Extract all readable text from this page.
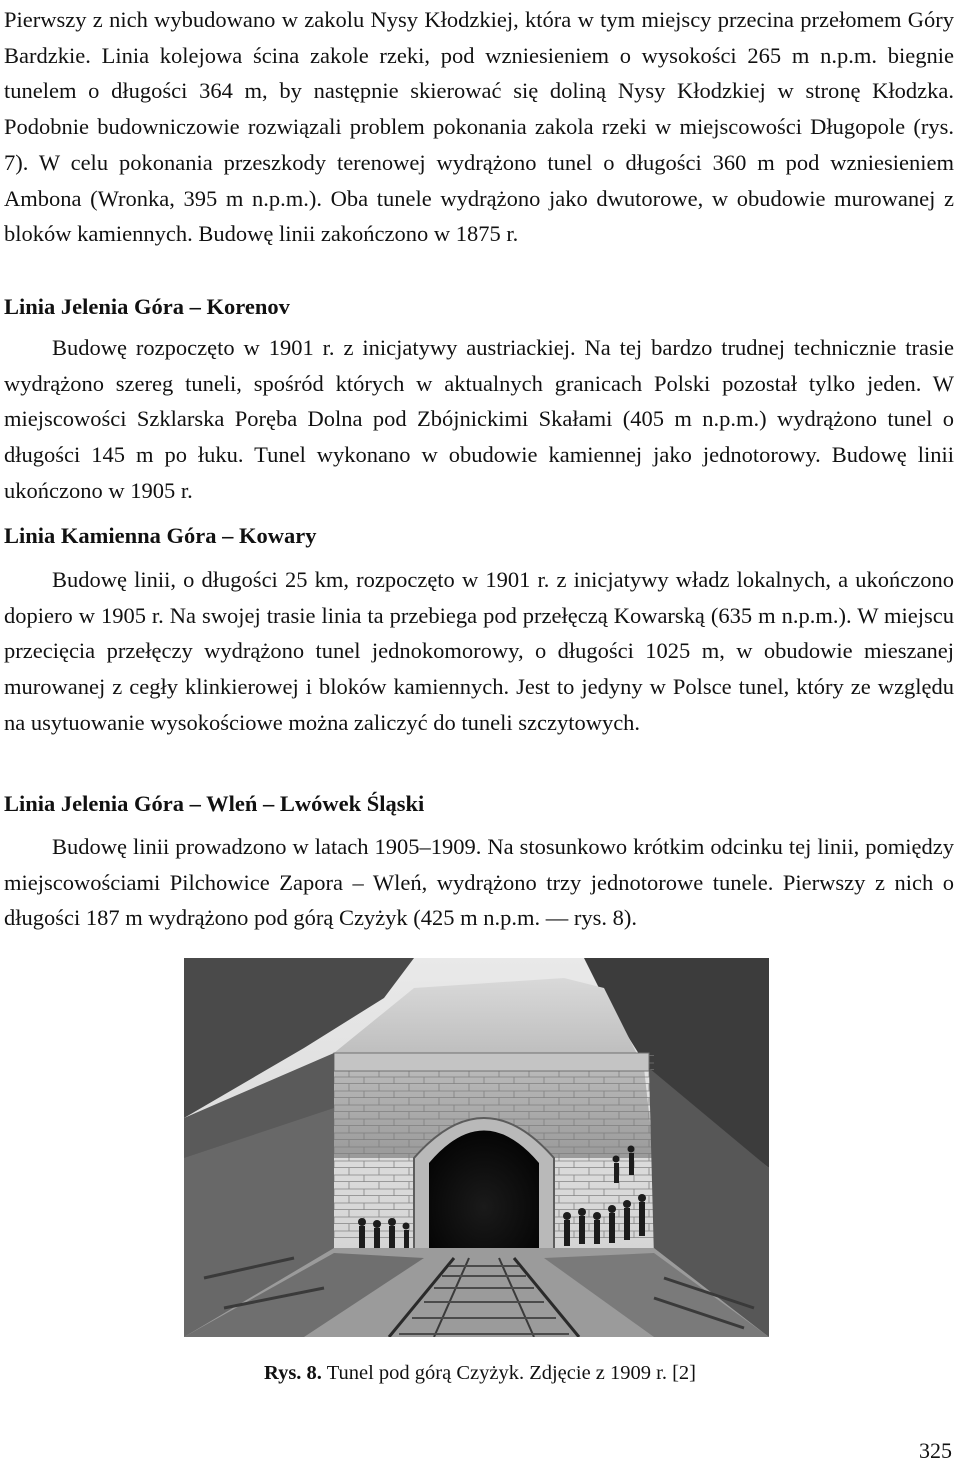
Pierwszy z nich wybudowano w zakolu Nysy Kłodzkiej, która w tym miejscy przecina przełomem Góry Bardzkie. Linia kolejowa ścina zakole rzeki, pod wzniesieniem o wysokości 265 m n.p.m. biegnie tunelem o długości 364 m, by następnie skierować się doliną Nysy Kłodzkiej w stronę Kłodzka. Podobnie budowniczowie rozwiązali problem pokonania zakola rzeki w miejscowości Długopole (rys. 7). W celu pokonania przeszkody terenowej wydrążono tunel o długości 360 m pod wzniesieniem Ambona (Wronka, 395 m n.p.m.). Oba tunele wydrążono jako dwutorowe, w obudowie murowanej z bloków kamiennych. Budowę linii zakończono w 1875 r.

Linia Jelenia Góra – Korenov

Budowę rozpoczęto w 1901 r. z inicjatywy austriackiej. Na tej bardzo trudnej technicznie trasie wydrążono szereg tuneli, spośród których w aktualnych granicach Polski pozostał tylko jeden. W miejscowości Szklarska Poręba Dolna pod Zbójnickimi Skałami (405 m n.p.m.) wydrążono tunel o długości 145 m po łuku. Tunel wykonano w obudowie kamiennej jako jednotorowy. Budowę linii ukończono w 1905 r.

Linia Kamienna Góra – Kowary

Budowę linii, o długości 25 km, rozpoczęto w 1901 r. z inicjatywy władz lokalnych, a ukończono dopiero w 1905 r. Na swojej trasie linia ta przebiega pod przełęczą Kowarską (635 m n.p.m.). W miejscu przecięcia przełęczy wydrążono tunel jednokomorowy, o długości 1025 m, w obudowie mieszanej murowanej z cegły klinkierowej i bloków kamiennych. Jest to jedyny w Polsce tunel, który ze względu na usytuowanie wysokościowe można zaliczyć do tuneli szczytowych.

Linia Jelenia Góra – Wleń – Lwówek Śląski

Budowę linii prowadzono w latach 1905–1909. Na stosunkowo krótkim odcinku tej linii, pomiędzy miejscowościami Pilchowice Zapora – Wleń, wydrążono trzy jednotorowe tunele. Pierwszy z nich o długości 187 m wydrążono pod górą Czyżyk (425 m n.p.m. — rys. 8).

Rys. 8. Tunel pod górą Czyżyk. Zdjęcie z 1909 r. [2]
325
